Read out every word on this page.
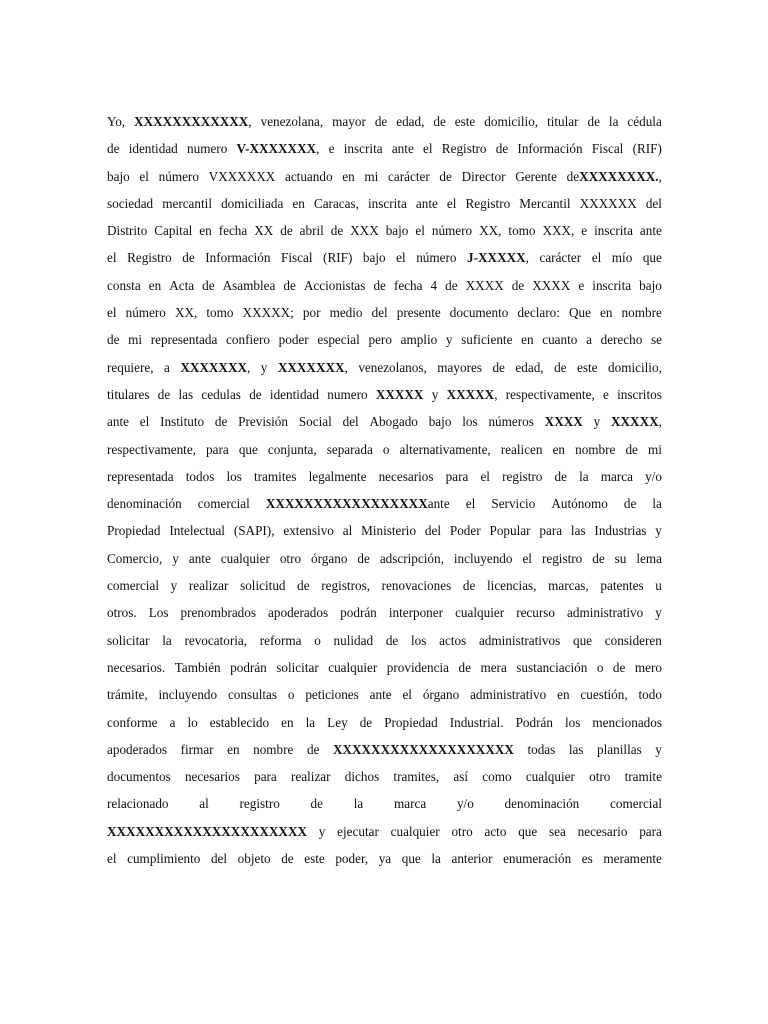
Yo, XXXXXXXXXXXX, venezolana, mayor de edad, de este domicilio, titular de la cédula
de identidad numero V-XXXXXXX, e inscrita ante el Registro de Información Fiscal (RIF)
bajo el número VXXXXXX actuando en mi carácter de Director Gerente deXXXXXXXX.,
sociedad mercantil domiciliada en Caracas, inscrita ante el Registro Mercantil XXXXXX del
Distrito Capital en fecha XX de abril de XXX bajo el número XX, tomo XXX, e inscrita ante
el Registro de Información Fiscal (RIF) bajo el número J-XXXXX, carácter el mío que
consta en Acta de Asamblea de Accionistas de fecha 4 de XXXX de XXXX e inscrita bajo
el número XX, tomo XXXXX; por medio del presente documento declaro: Que en nombre
de mi representada confiero poder especial pero amplio y suficiente en cuanto a derecho se
requiere, a XXXXXXX, y XXXXXXX, venezolanos, mayores de edad, de este domicilio,
titulares de las cedulas de identidad numero XXXXX y XXXXX, respectivamente, e inscritos
ante el Instituto de Previsión Social del Abogado bajo los números XXXX y XXXXX,
respectivamente, para que conjunta, separada o alternativamente, realicen en nombre de mi
representada todos los tramites legalmente necesarios para el registro de la marca y/o
denominación comercial XXXXXXXXXXXXXXXXXante el Servicio Autónomo de la
Propiedad Intelectual (SAPI), extensivo al Ministerio del Poder Popular para las Industrias y
Comercio, y ante cualquier otro órgano de adscripción, incluyendo el registro de su lema
comercial y realizar solicitud de registros, renovaciones de licencias, marcas, patentes u
otros. Los prenombrados apoderados podrán interponer cualquier recurso administrativo y
solicitar la revocatoria, reforma o nulidad de los actos administrativos que consideren
necesarios. También podrán solicitar cualquier providencia de mera sustanciación o de mero
trámite, incluyendo consultas o peticiones ante el órgano administrativo en cuestión, todo
conforme a lo establecido en la Ley de Propiedad Industrial. Podrán los mencionados
apoderados firmar en nombre de XXXXXXXXXXXXXXXXXXX todas las planillas y
documentos necesarios para realizar dichos tramites, así como cualquier otro tramite
relacionado al registro de la marca y/o denominación comercial
XXXXXXXXXXXXXXXXXXXXX y ejecutar cualquier otro acto que sea necesario para
el cumplimiento del objeto de este poder, ya que la anterior enumeración es meramente
